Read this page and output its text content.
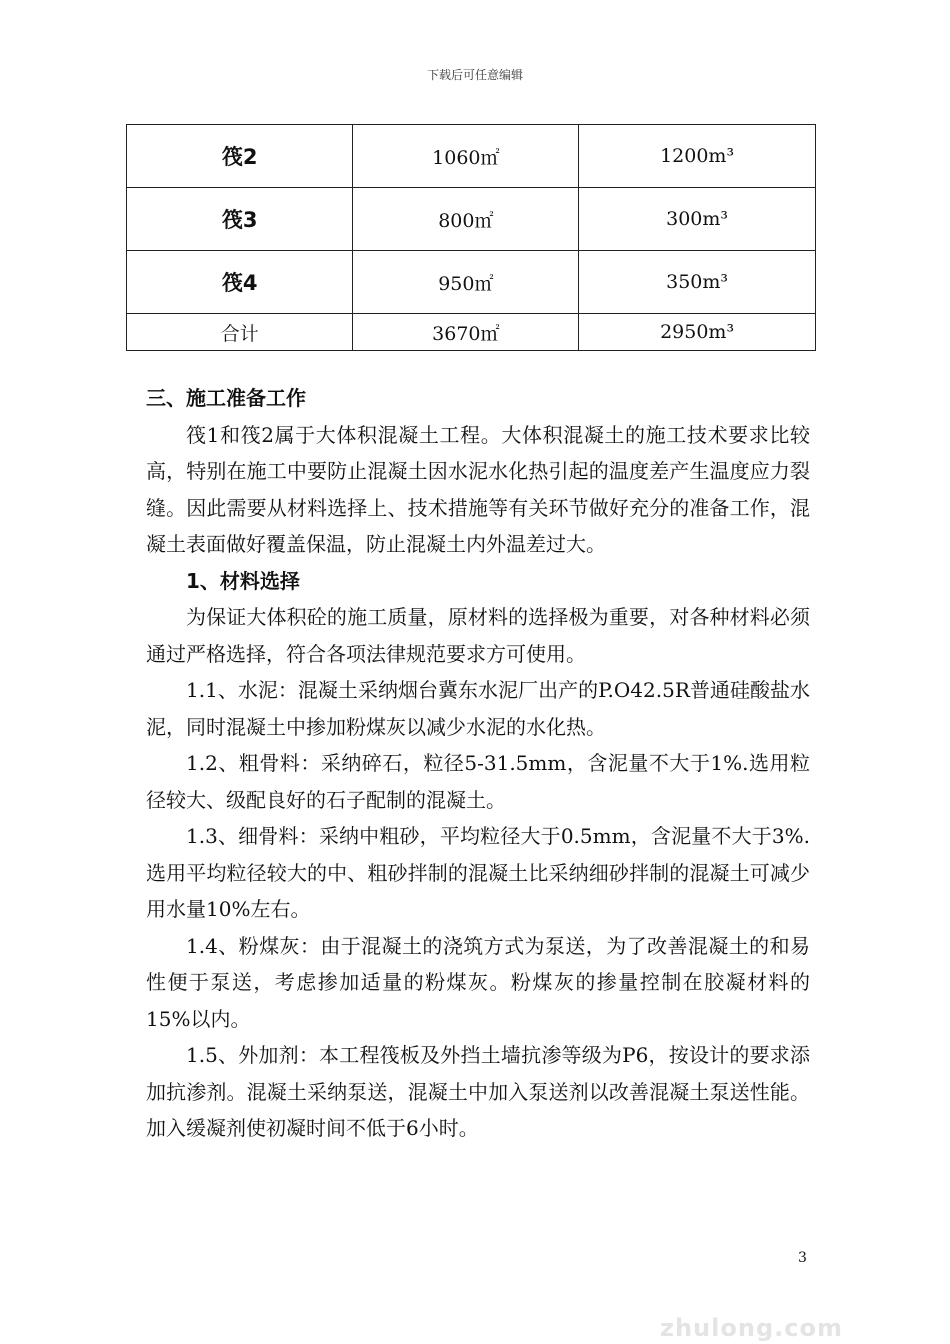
下载后可任意编辑
筏2	1060㎡	1200m³
筏3	800㎡	300m³
筏4	950㎡	350m³
合计	3670㎡	2950m³

三、施工准备工作

筏1和筏2属于大体积混凝土工程。大体积混凝土的施工技术要求比较高，特别在施工中要防止混凝土因水泥水化热引起的温度差产生温度应力裂缝。因此需要从材料选择上、技术措施等有关环节做好充分的准备工作，混凝土表面做好覆盖保温，防止混凝土内外温差过大。

1、材料选择

为保证大体积砼的施工质量，原材料的选择极为重要，对各种材料必须通过严格选择，符合各项法律规范要求方可使用。

1.1、水泥：混凝土采纳烟台冀东水泥厂出产的P.O42.5R普通硅酸盐水泥，同时混凝土中掺加粉煤灰以减少水泥的水化热。

1.2、粗骨料：采纳碎石，粒径5-31.5mm，含泥量不大于1%.选用粒径较大、级配良好的石子配制的混凝土。

1.3、细骨料：采纳中粗砂，平均粒径大于0.5mm，含泥量不大于3%.选用平均粒径较大的中、粗砂拌制的混凝土比采纳细砂拌制的混凝土可减少用水量10%左右。

1.4、粉煤灰：由于混凝土的浇筑方式为泵送，为了改善混凝土的和易性便于泵送，考虑掺加适量的粉煤灰。粉煤灰的掺量控制在胶凝材料的15%以内。

1.5、外加剂：本工程筏板及外挡土墙抗渗等级为P6，按设计的要求添加抗渗剂。混凝土采纳泵送，混凝土中加入泵送剂以改善混凝土泵送性能。加入缓凝剂使初凝时间不低于6小时。

3
zhulong.com
